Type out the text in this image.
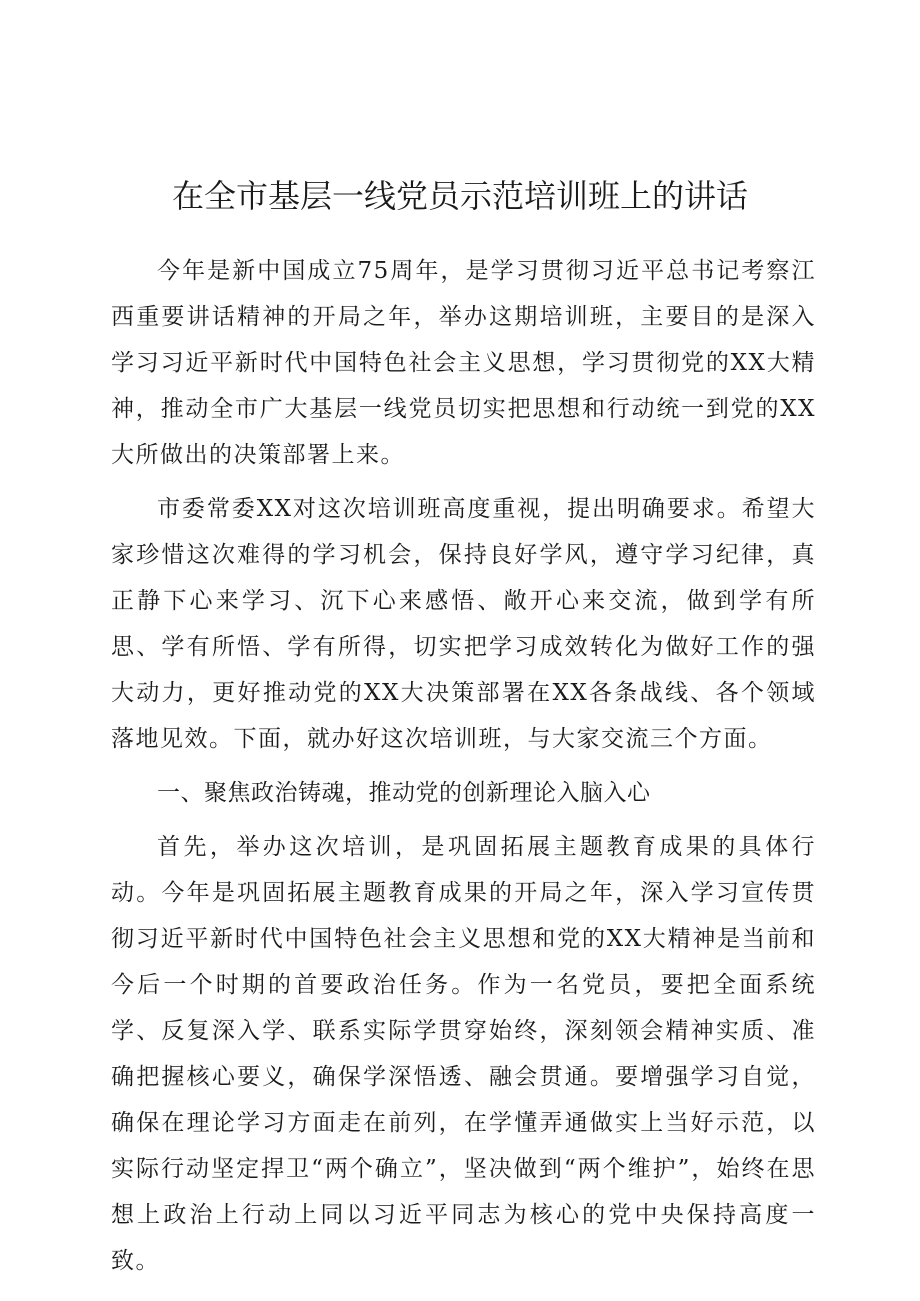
在全市基层一线党员示范培训班上的讲话

今年是新中国成立75周年，是学习贯彻习近平总书记考察江西重要讲话精神的开局之年，举办这期培训班，主要目的是深入学习习近平新时代中国特色社会主义思想，学习贯彻党的XX大精神，推动全市广大基层一线党员切实把思想和行动统一到党的XX大所做出的决策部署上来。

市委常委XX对这次培训班高度重视，提出明确要求。希望大家珍惜这次难得的学习机会，保持良好学风，遵守学习纪律，真正静下心来学习、沉下心来感悟、敞开心来交流，做到学有所思、学有所悟、学有所得，切实把学习成效转化为做好工作的强大动力，更好推动党的XX大决策部署在XX各条战线、各个领域落地见效。下面，就办好这次培训班，与大家交流三个方面。

一、聚焦政治铸魂，推动党的创新理论入脑入心

首先，举办这次培训，是巩固拓展主题教育成果的具体行动。今年是巩固拓展主题教育成果的开局之年，深入学习宣传贯彻习近平新时代中国特色社会主义思想和党的XX大精神是当前和今后一个时期的首要政治任务。作为一名党员，要把全面系统学、反复深入学、联系实际学贯穿始终，深刻领会精神实质、准确把握核心要义，确保学深悟透、融会贯通。要增强学习自觉，确保在理论学习方面走在前列，在学懂弄通做实上当好示范，以实际行动坚定捍卫“两个确立”，坚决做到“两个维护”，始终在思想上政治上行动上同以习近平同志为核心的党中央保持高度一致。
